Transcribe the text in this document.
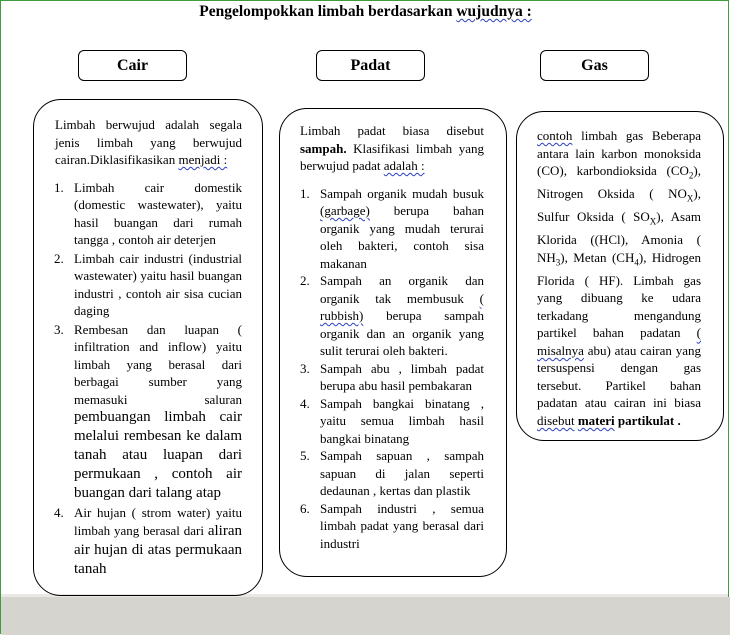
Pengelompokkan limbah berdasarkan wujudnya :
Cair	Padat	Gas

Limbah berwujud adalah segala jenis limbah yang berwujud cairan.Diklasifikasikan menjadi :

1. Limbah cair domestik (domestic wastewater), yaitu hasil buangan dari rumah tangga , contoh air deterjen
2. Limbah cair industri (industrial wastewater) yaitu hasil buangan industri , contoh air sisa cucian daging
3. Rembesan dan luapan ( infiltration and inflow) yaitu limbah yang berasal dari berbagai sumber yang memasuki saluran pembuangan limbah cair melalui rembesan ke dalam tanah atau luapan dari permukaan , contoh air buangan dari talang atap
4. Air hujan ( strom water) yaitu limbah yang berasal dari aliran air hujan di atas permukaan tanah

Limbah padat biasa disebut sampah. Klasifikasi limbah yang berwujud padat adalah :

1. Sampah organik mudah busuk (garbage) berupa bahan organik yang mudah terurai oleh bakteri, contoh sisa makanan
2. Sampah an organik dan organik tak membusuk ( rubbish) berupa sampah organik dan an organik yang sulit terurai oleh bakteri.
3. Sampah abu , limbah padat berupa abu hasil pembakaran
4. Sampah bangkai binatang , yaitu semua limbah hasil bangkai binatang
5. Sampah sapuan , sampah sapuan di jalan seperti dedaunan , kertas dan plastik
6. Sampah industri , semua limbah padat yang berasal dari industri

contoh limbah gas Beberapa antara lain karbon monoksida (CO), karbondioksida $(CO_2)$, Nitrogen Oksida ( $NO_X$), Sulfur Oksida ( $SO_X$), Asam Klorida ((HCl), Amonia ( $NH_3$), Metan $(CH_4)$, Hidrogen Florida ( HF). Limbah gas yang dibuang ke udara terkadang mengandung partikel bahan padatan ( misalnya abu) atau cairan yang tersuspensi dengan gas tersebut. Partikel bahan padatan atau cairan ini biasa disebut materi partikulat .
